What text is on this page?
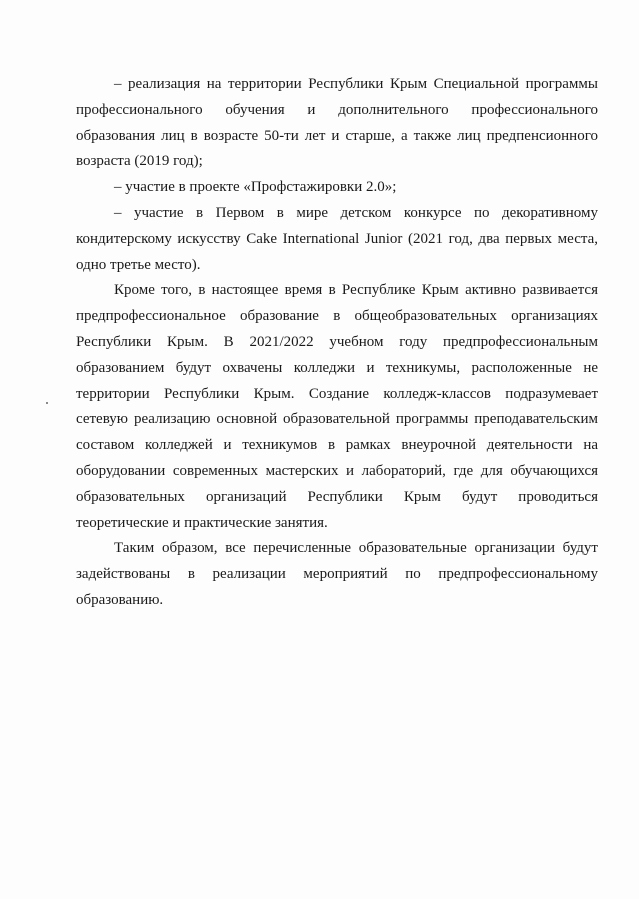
– реализация на территории Республики Крым Специальной программы профессионального обучения и дополнительного профессионального образования лиц в возрасте 50-ти лет и старше, а также лиц предпенсионного возраста (2019 год);

– участие в проекте «Профстажировки 2.0»;

– участие в Первом в мире детском конкурсе по декоративному кондитерскому искусству Cake International Junior (2021 год, два первых места, одно третье место).

Кроме того, в настоящее время в Республике Крым активно развивается предпрофессиональное образование в общеобразовательных организациях Республики Крым. В 2021/2022 учебном году предпрофессиональным образованием будут охвачены колледжи и техникумы, расположенные не территории Республики Крым. Создание колледж-классов подразумевает сетевую реализацию основной образовательной программы преподавательским составом колледжей и техникумов в рамках внеурочной деятельности на оборудовании современных мастерских и лабораторий, где для обучающихся образовательных организаций Республики Крым будут проводиться теоретические и практические занятия.

Таким образом, все перечисленные образовательные организации будут задействованы в реализации мероприятий по предпрофессиональному образованию.
